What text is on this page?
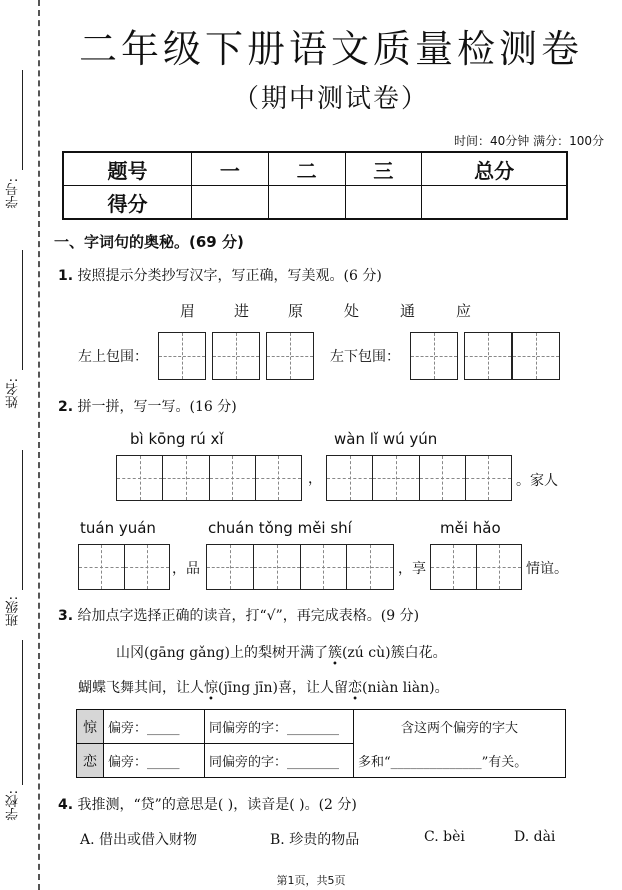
学号:
姓名:
班级:
学校:
二年级下册语文质量检测卷
（期中测试卷）
时间：40分钟 满分：100分
题号	一	二	三	总分
得分				
一、字词句的奥秘。(69 分)
1. 按照提示分类抄写汉字，写正确，写美观。(6 分)
眉	进	原	处	通	应
左上包围：	左下包围：
2. 拼一拼，写一写。(16 分)
bì kōng rú xǐ	wàn lǐ wú yún
，	。家人
tuán yuán	chuán tǒng měi shí	měi hǎo
，品	，享	情谊。
3. 给加点字选择正确的读音，打“√”，再完成表格。(9 分)
山冈(gāng gǎng)上的梨树开满了簇(zú cù)簇白花。
蝴蝶飞舞其间，让人惊(jīng jīn)喜，让人留恋(niàn liàn)。
惊	偏旁：_____	同偏旁的字：________	含这两个偏旁的字大
恋	偏旁：_____	同偏旁的字：________	多和“______________”有关。
4. 我推测，“贷”的意思是( )，读音是( )。(2 分)
A. 借出或借入财物	B. 珍贵的物品	C. bèi	D. dài
第1页，共5页
